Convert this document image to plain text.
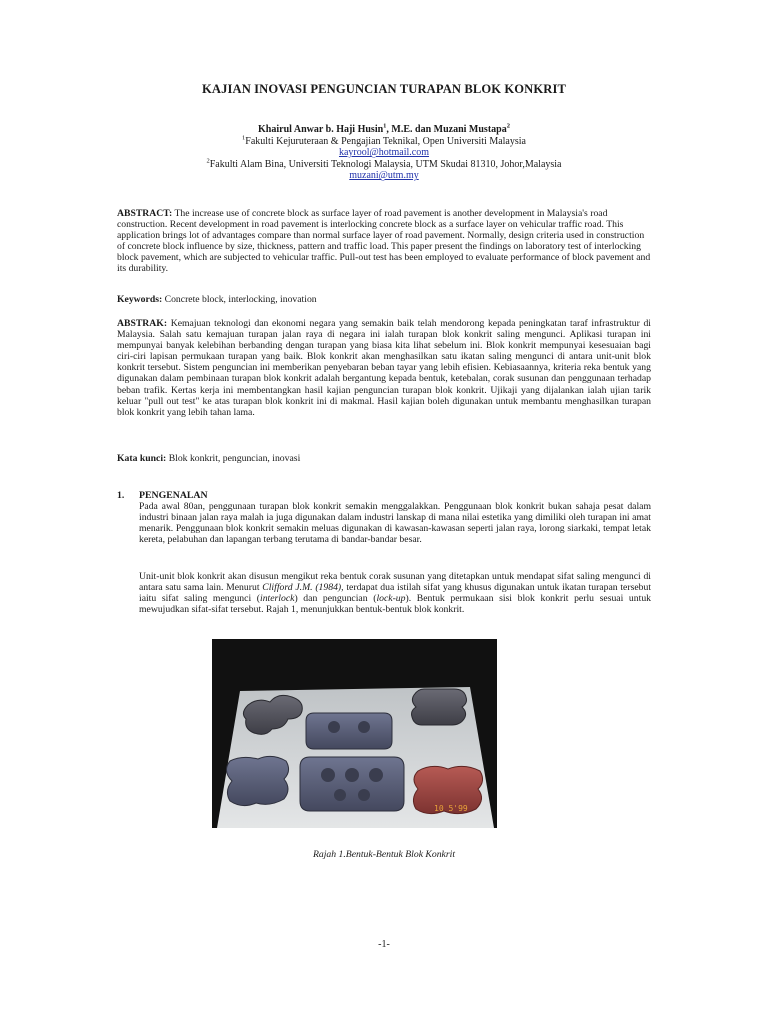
KAJIAN INOVASI PENGUNCIAN TURAPAN BLOK KONKRIT
Khairul Anwar b. Haji Husin$^1$, M.E. dan Muzani Mustapa$^2$
$^1$Fakulti Kejuruteraan & Pengajian Teknikal, Open Universiti Malaysia
kayrool@hotmail.com
$^2$Fakulti Alam Bina, Universiti Teknologi Malaysia, UTM Skudai 81310, Johor,Malaysia
muzani@utm.my
ABSTRACT: The increase use of concrete block as surface layer of road pavement is another development in Malaysia's road construction. Recent development in road pavement is interlocking concrete block as a surface layer on vehicular traffic road. This application brings lot of advantages compare than normal surface layer of road pavement. Normally, design criteria used in construction of concrete block influence by size, thickness, pattern and traffic load. This paper present the findings on laboratory test of interlocking block pavement, which are subjected to vehicular traffic. Pull-out test has been employed to evaluate performance of block pavement and its durability.
Keywords: Concrete block, interlocking, inovation
ABSTRAK: Kemajuan teknologi dan ekonomi negara yang semakin baik telah mendorong kepada peningkatan taraf infrastruktur di Malaysia. Salah satu kemajuan turapan jalan raya di negara ini ialah turapan blok konkrit saling mengunci. Aplikasi turapan ini mempunyai banyak kelebihan berbanding dengan turapan yang biasa kita lihat sebelum ini. Blok konkrit mempunyai kesesuaian bagi ciri-ciri lapisan permukaan turapan yang baik. Blok konkrit akan menghasilkan satu ikatan saling mengunci di antara unit-unit blok konkrit tersebut. Sistem penguncian ini memberikan penyebaran beban tayar yang lebih efisien. Kebiasaannya, kriteria reka bentuk yang digunakan dalam pembinaan turapan blok konkrit adalah bergantung kepada bentuk, ketebalan, corak susunan dan penggunaan terhadap beban trafik. Kertas kerja ini membentangkan hasil kajian penguncian turapan blok konkrit. Ujikaji yang dijalankan ialah ujian tarik keluar "pull out test" ke atas turapan blok konkrit ini di makmal. Hasil kajian boleh digunakan untuk membantu menghasilkan turapan blok konkrit yang lebih tahan lama.
Kata kunci: Blok konkrit, penguncian, inovasi
1. PENGENALAN
Pada awal 80an, penggunaan turapan blok konkrit semakin menggalakkan. Penggunaan blok konkrit bukan sahaja pesat dalam industri binaan jalan raya malah ia juga digunakan dalam industri lanskap di mana nilai estetika yang dimiliki oleh turapan ini amat menarik. Penggunaan blok konkrit semakin meluas digunakan di kawasan-kawasan seperti jalan raya, lorong siarkaki, tempat letak kereta, pelabuhan dan lapangan terbang terutama di bandar-bandar besar.
Unit-unit blok konkrit akan disusun mengikut reka bentuk corak susunan yang ditetapkan untuk mendapat sifat saling mengunci di antara satu sama lain. Menurut Clifford J.M. (1984), terdapat dua istilah sifat yang khusus digunakan untuk ikatan turapan tersebut iaitu sifat saling mengunci (interlock) dan penguncian (lock-up). Bentuk permukaan sisi blok konkrit perlu sesuai untuk mewujudkan sifat-sifat tersebut. Rajah 1, menunjukkan bentuk-bentuk blok konkrit.
10 5'99
Rajah 1.Bentuk-Bentuk Blok Konkrit
-1-
